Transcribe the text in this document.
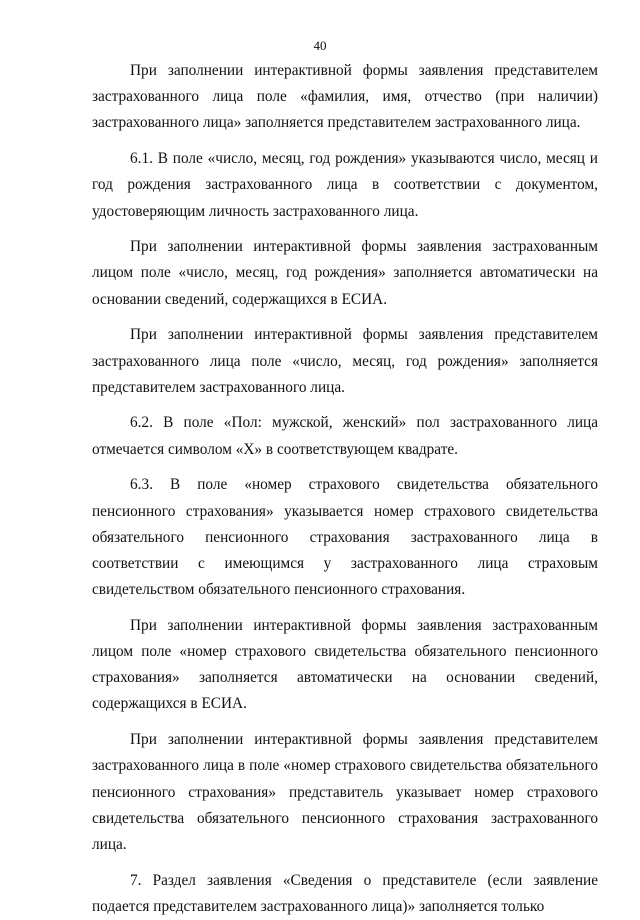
40

При заполнении интерактивной формы заявления представителем застрахованного лица поле «фамилия, имя, отчество (при наличии) застрахованного лица» заполняется представителем застрахованного лица.

6.1. В поле «число, месяц, год рождения» указываются число, месяц и год рождения застрахованного лица в соответствии с документом, удостоверяющим личность застрахованного лица.

При заполнении интерактивной формы заявления застрахованным лицом поле «число, месяц, год рождения» заполняется автоматически на основании сведений, содержащихся в ЕСИА.

При заполнении интерактивной формы заявления представителем застрахованного лица поле «число, месяц, год рождения» заполняется представителем застрахованного лица.

6.2. В поле «Пол: мужской, женский» пол застрахованного лица отмечается символом «Х» в соответствующем квадрате.

6.3. В поле «номер страхового свидетельства обязательного пенсионного страхования» указывается номер страхового свидетельства обязательного пенсионного страхования застрахованного лица в соответствии с имеющимся у застрахованного лица страховым свидетельством обязательного пенсионного страхования.

При заполнении интерактивной формы заявления застрахованным лицом поле «номер страхового свидетельства обязательного пенсионного страхования» заполняется автоматически на основании сведений, содержащихся в ЕСИА.

При заполнении интерактивной формы заявления представителем застрахованного лица в поле «номер страхового свидетельства обязательного пенсионного страхования» представитель указывает номер страхового свидетельства обязательного пенсионного страхования застрахованного лица.

7. Раздел заявления «Сведения о представителе (если заявление подается представителем застрахованного лица)» заполняется только
